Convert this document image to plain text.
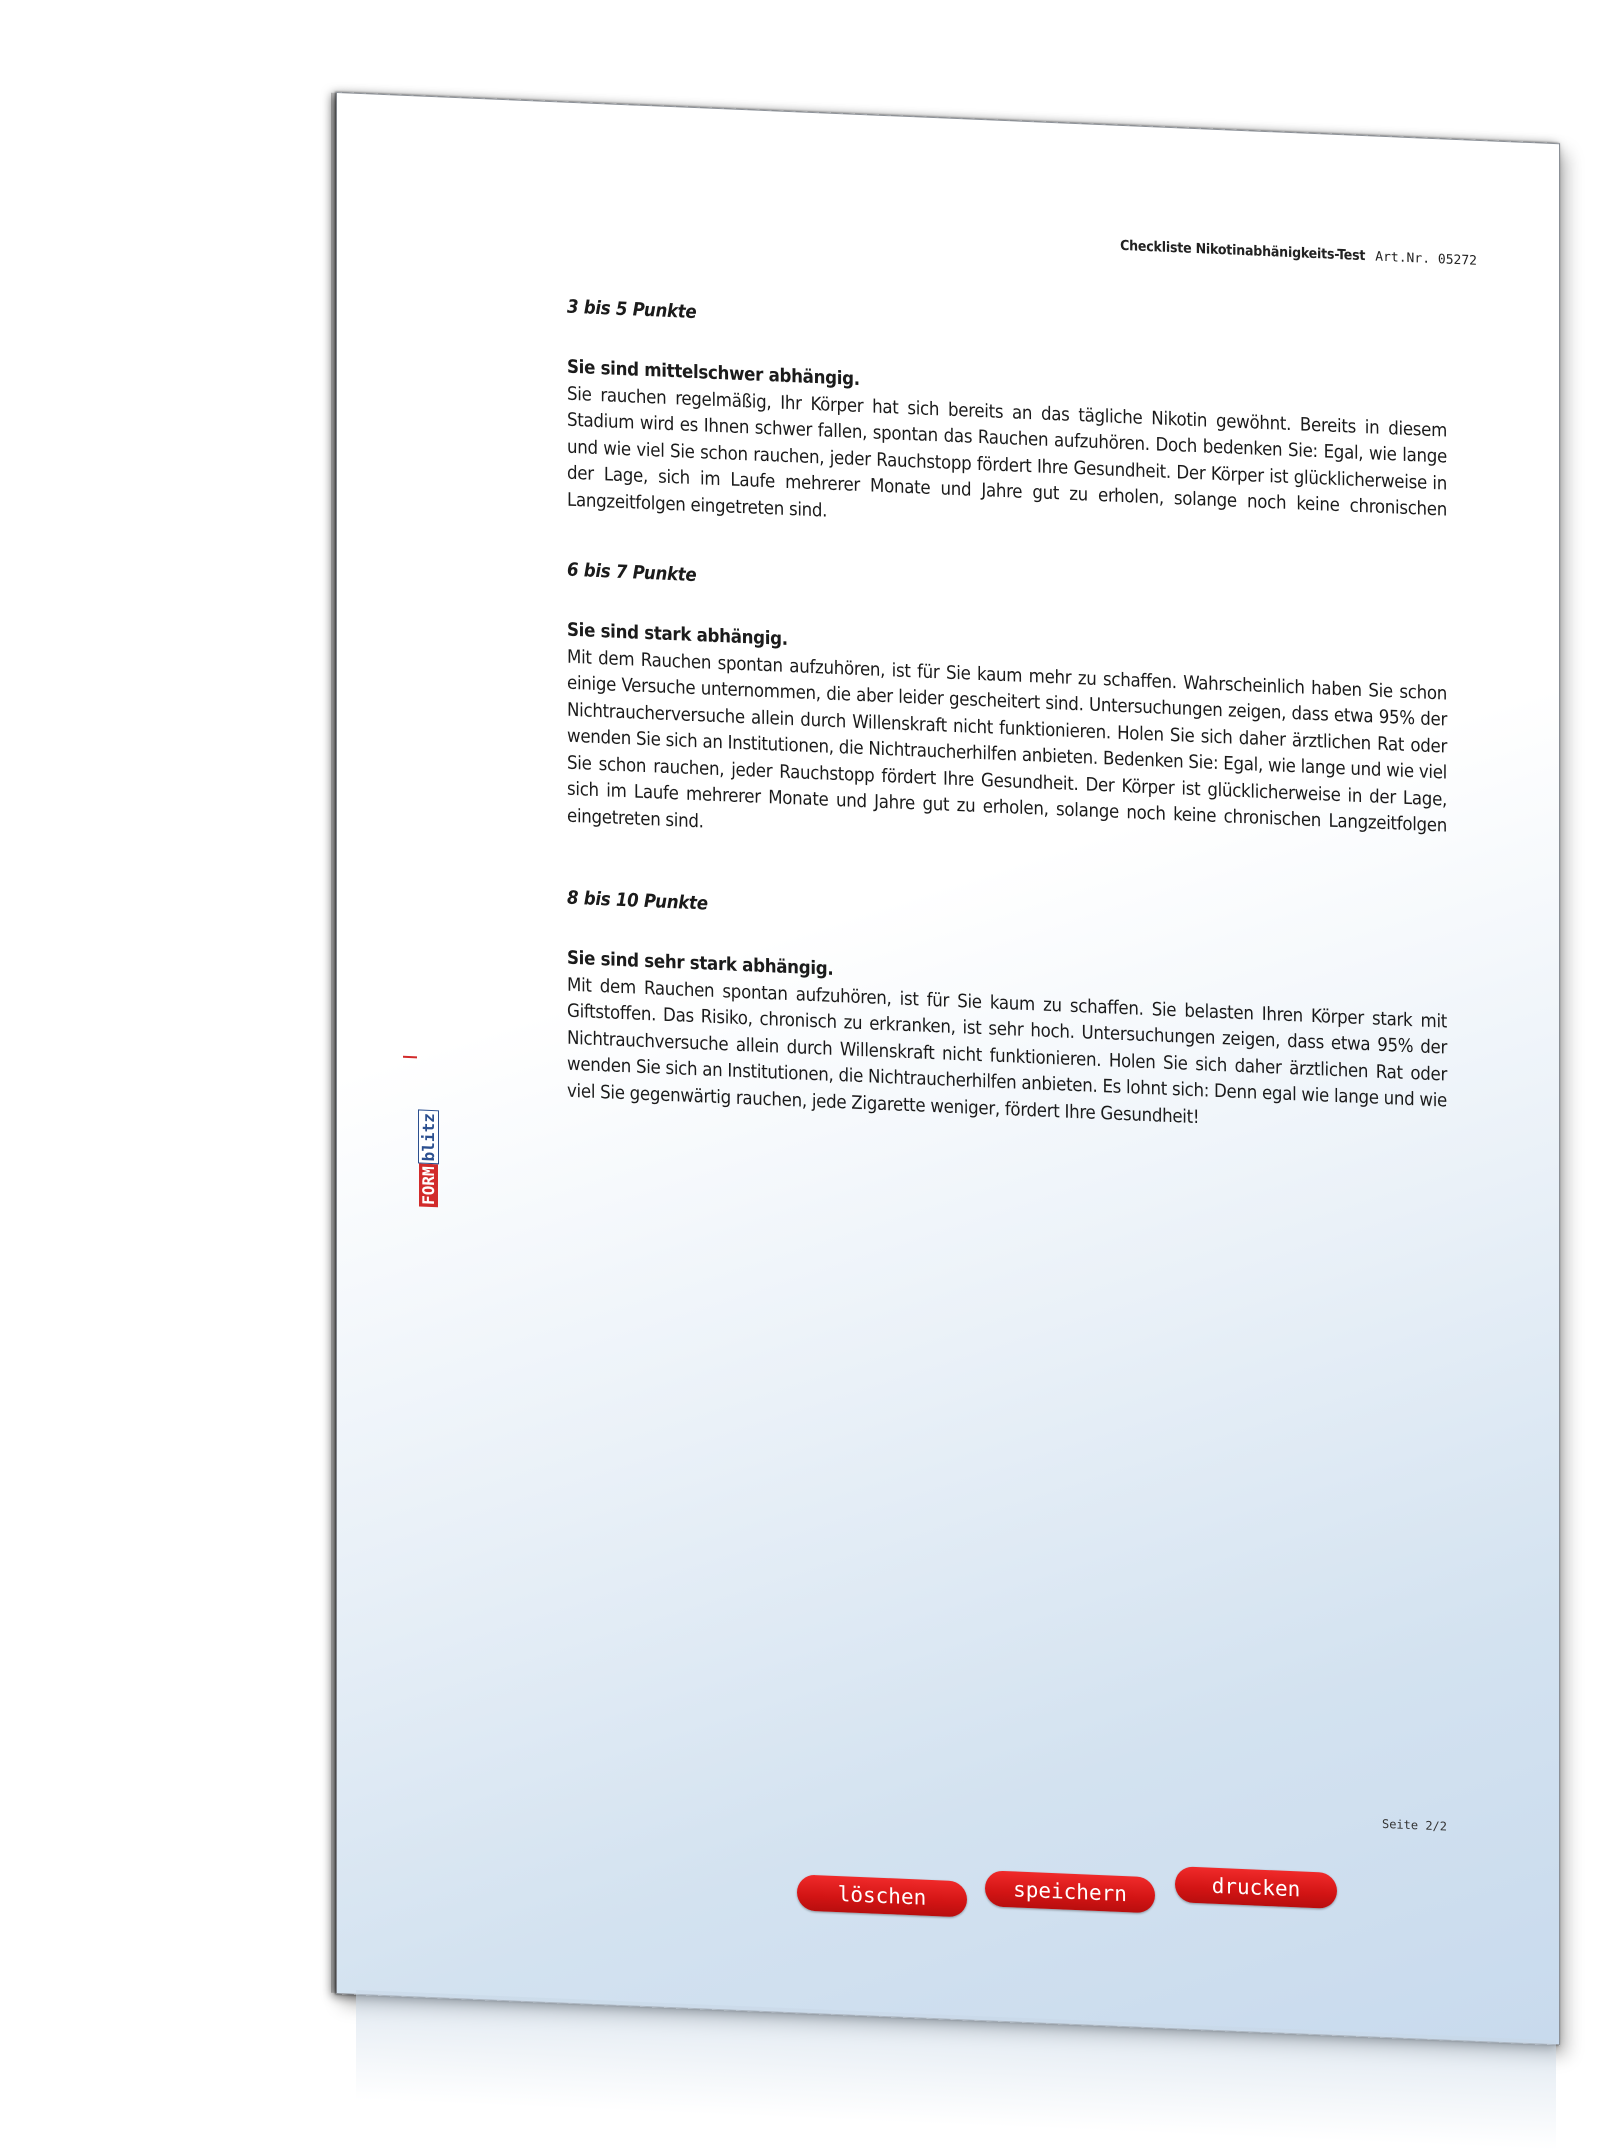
Checkliste Nikotinabhänigkeits-Test Art.Nr. 05272
3 bis 5 Punkte

Sie sind mittelschwer abhängig.

Sie rauchen regelmäßig, Ihr Körper hat sich bereits an das tägliche Nikotin gewöhnt. Bereits in diesem Stadium wird es Ihnen schwer fallen, spontan das Rauchen aufzuhören. Doch bedenken Sie: Egal, wie lange und wie viel Sie schon rauchen, jeder Rauchstopp fördert Ihre Gesundheit. Der Körper ist glücklicherweise in der Lage, sich im Laufe mehrerer Monate und Jahre gut zu erholen, solange noch keine chronischen Langzeitfolgen eingetreten sind.

6 bis 7 Punkte

Sie sind stark abhängig.

Mit dem Rauchen spontan aufzuhören, ist für Sie kaum mehr zu schaffen. Wahrscheinlich haben Sie schon einige Versuche unternommen, die aber leider gescheitert sind. Untersuchungen zeigen, dass etwa 95% der Nichtraucherversuche allein durch Willenskraft nicht funktionieren. Holen Sie sich daher ärztlichen Rat oder wenden Sie sich an Institutionen, die Nichtraucherhilfen anbieten. Bedenken Sie: Egal, wie lange und wie viel Sie schon rauchen, jeder Rauchstopp fördert Ihre Gesundheit. Der Körper ist glücklicherweise in der Lage, sich im Laufe mehrerer Monate und Jahre gut zu erholen, solange noch keine chronischen Langzeitfolgen eingetreten sind.

8 bis 10 Punkte

Sie sind sehr stark abhängig.

Mit dem Rauchen spontan aufzuhören, ist für Sie kaum zu schaffen. Sie belasten Ihren Körper stark mit Giftstoffen. Das Risiko, chronisch zu erkranken, ist sehr hoch. Untersuchungen zeigen, dass etwa 95% der Nichtrauchversuche allein durch Willenskraft nicht funktionieren. Holen Sie sich daher ärztlichen Rat oder wenden Sie sich an Institutionen, die Nichtraucherhilfen anbieten. Es lohnt sich: Denn egal wie lange und wie viel Sie gegenwärtig rauchen, jede Zigarette weniger, fördert Ihre Gesundheit!

FORMblitz
Seite 2/2
löschen	speichern	drucken
